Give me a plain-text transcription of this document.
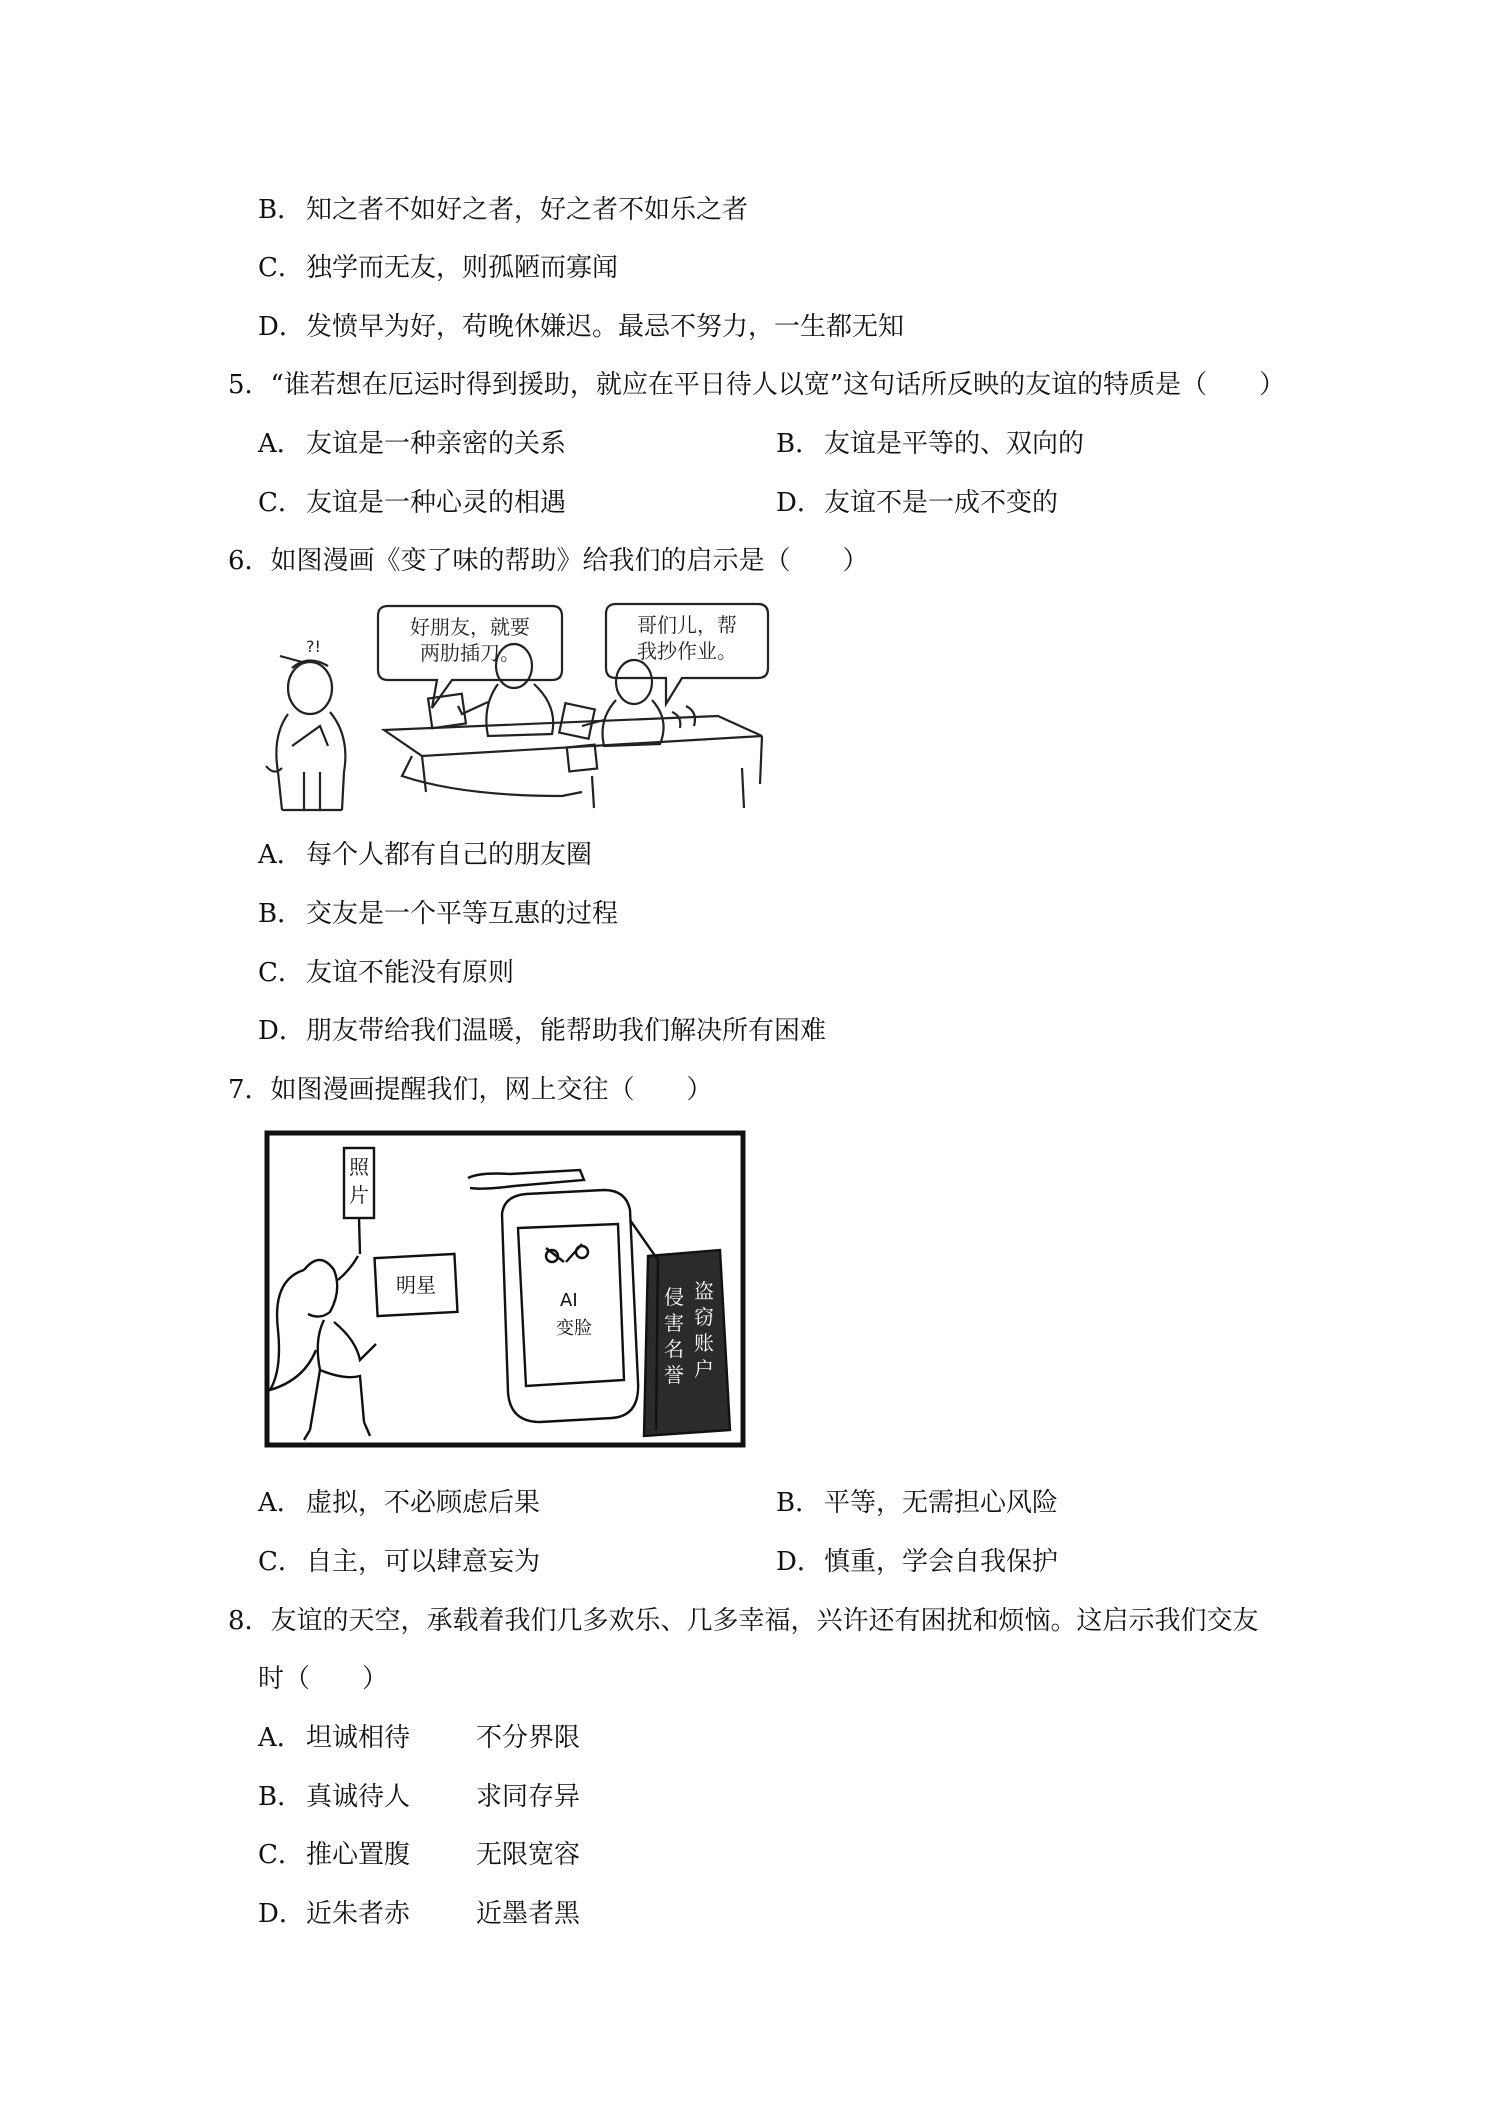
B． 知之者不如好之者，好之者不如乐之者
C．独学而无友，则孤陋而寡闻
D．发愤早为好，苟晚休嫌迟。最忌不努力，一生都无知
5．“谁若想在厄运时得到援助，就应在平日待人以宽”这句话所反映的友谊的特质是（　　）
A． 友谊是一种亲密的关系	B． 友谊是平等的、双向的
C．友谊是一种心灵的相遇	D．友谊不是一成不变的
6．如图漫画《变了味的帮助》给我们的启示是（　　）
好朋友，就要
两肋插刀。
哥们儿，帮
我抄作业。
?!
A． 每个人都有自己的朋友圈
B． 交友是一个平等互惠的过程
C．友谊不能没有原则
D．朋友带给我们温暖，能帮助我们解决所有困难
7．如图漫画提醒我们，网上交往（　　）
照
片
明星
AI
变脸
盗
窃
账
户
侵
害
名
誉
A． 虚拟，不必顾虑后果	B． 平等，无需担心风险
C．自主，可以肆意妄为	D．慎重，学会自我保护
8．友谊的天空，承载着我们几多欢乐、几多幸福，兴许还有困扰和烦恼。这启示我们交友
时（　　）
A． 坦诚相待	不分界限
B． 真诚待人	求同存异
C．推心置腹	无限宽容
D．近朱者赤	近墨者黑
